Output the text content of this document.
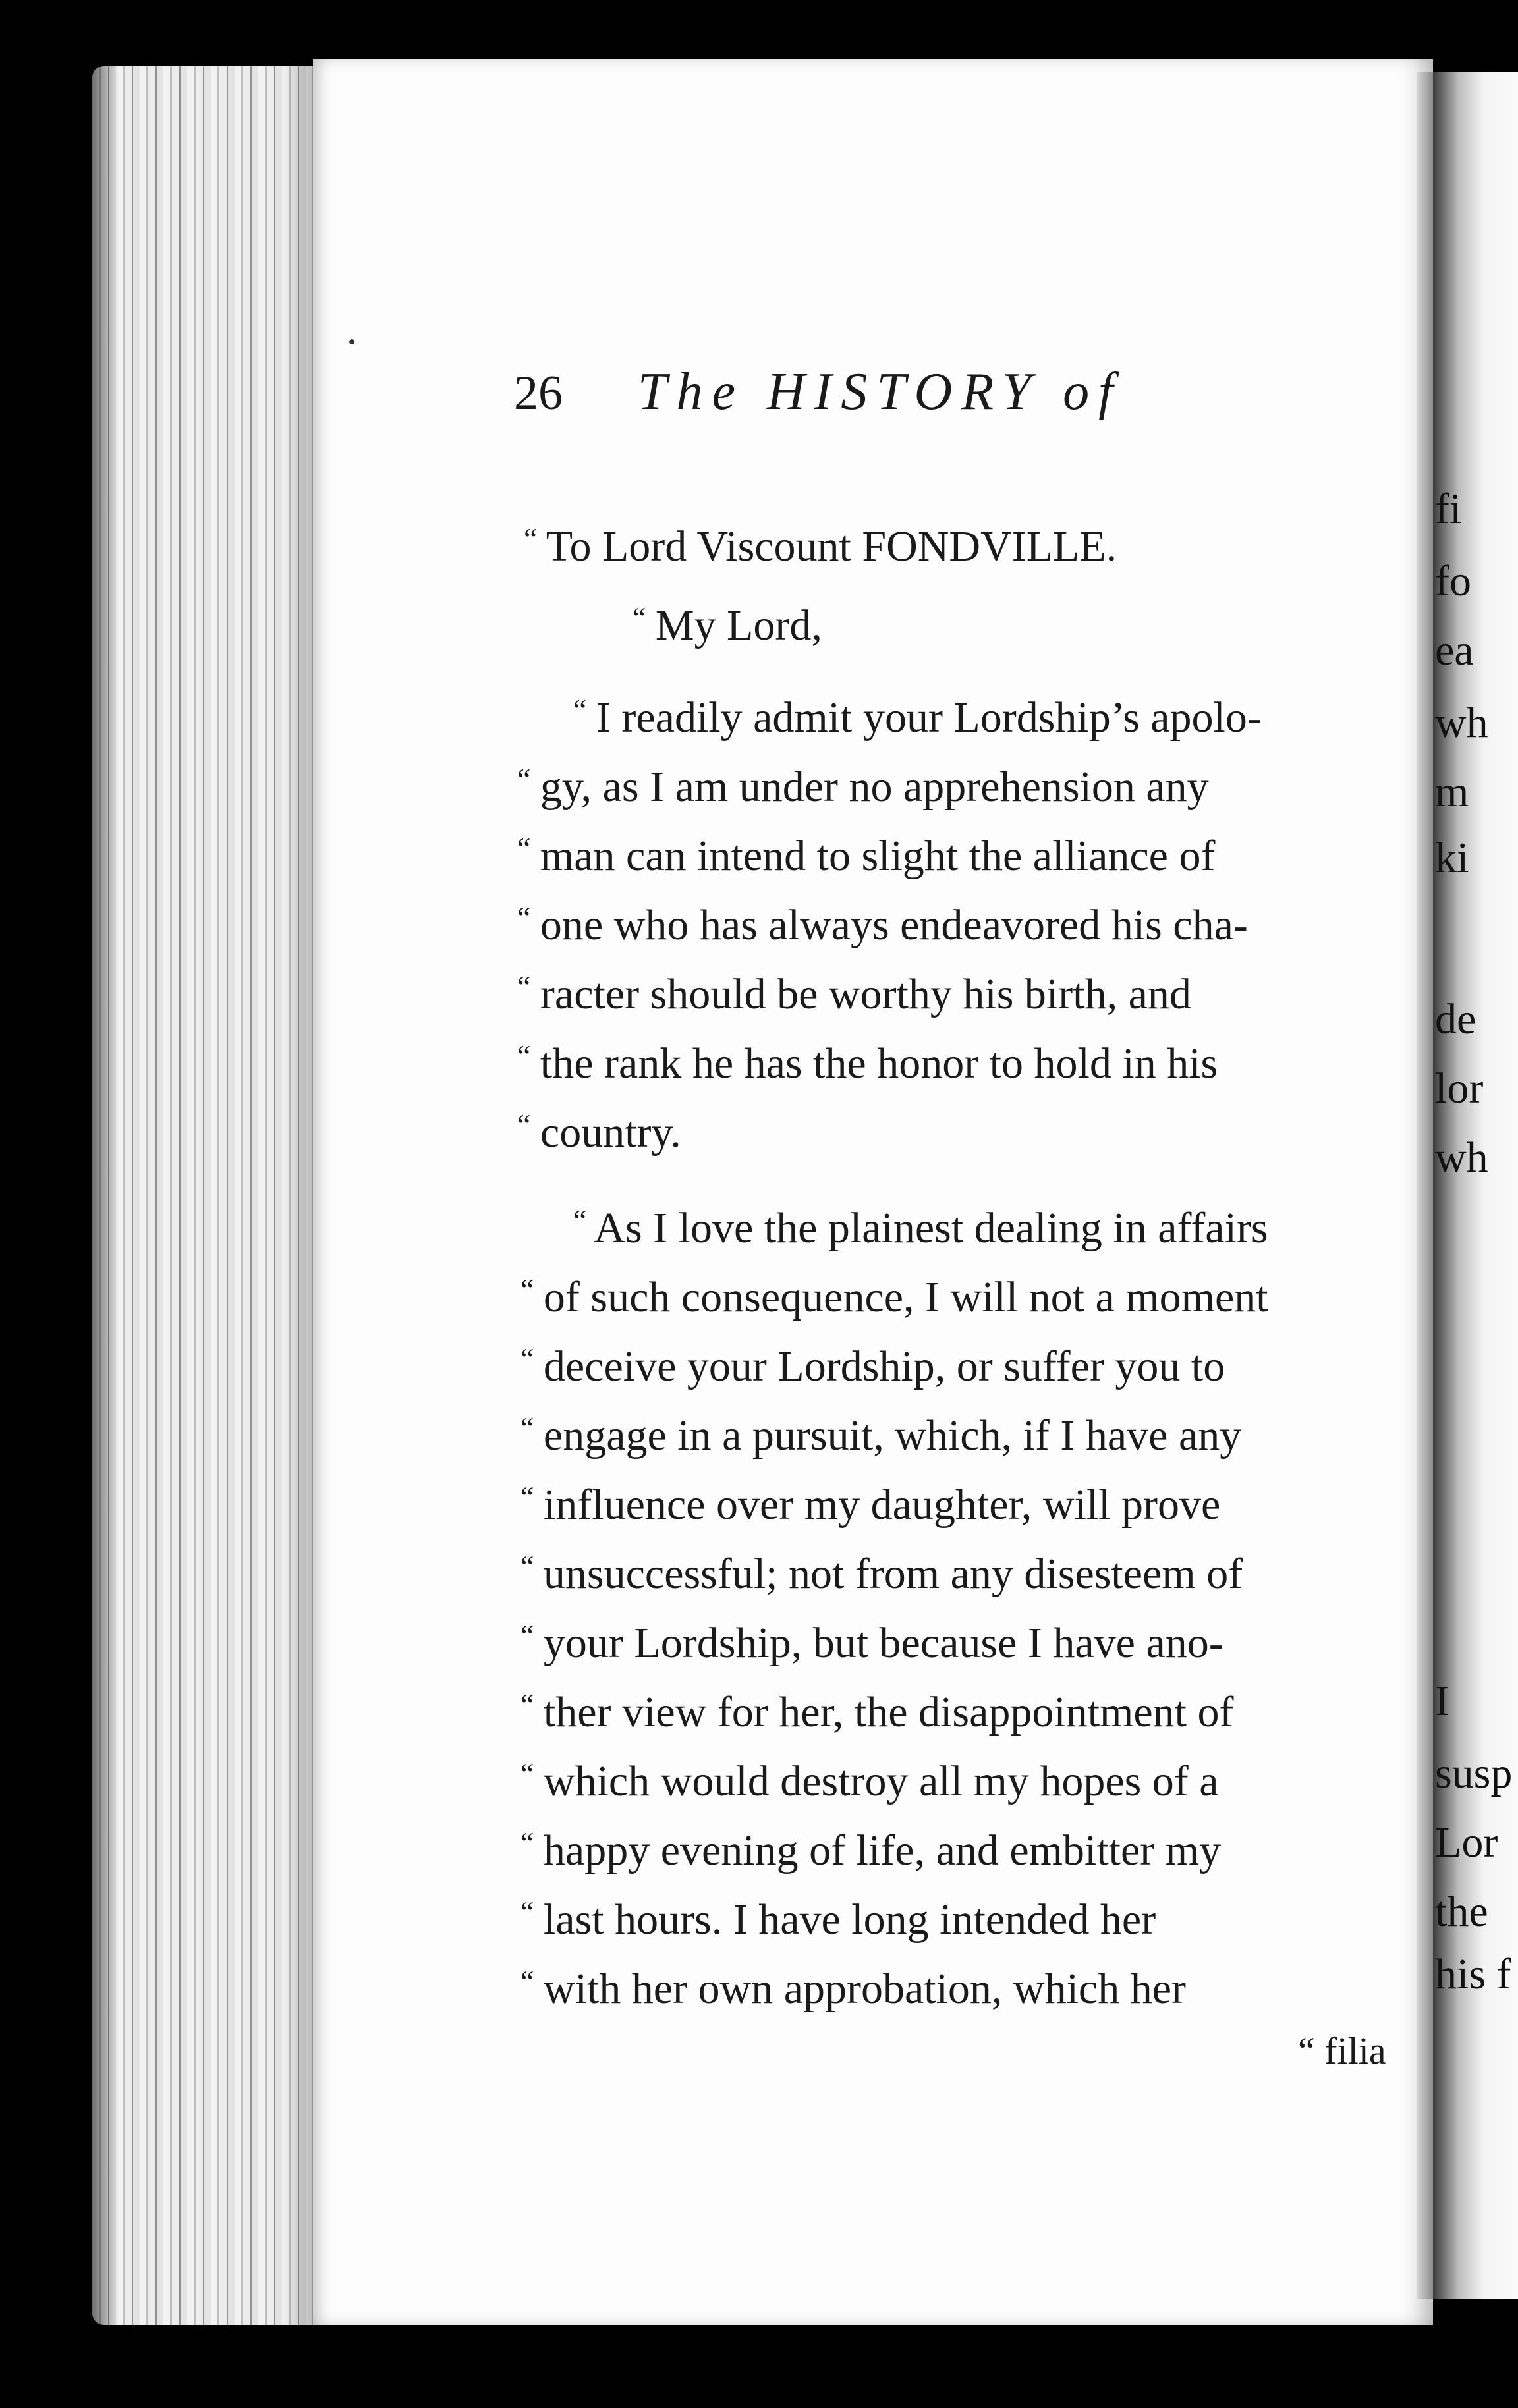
26 The HISTORY of
“ To Lord Viscount FONDVILLE.
“ My Lord,
“ I readily admit your Lordship’s apolo-
“ gy, as I am under no apprehension any
“ man can intend to slight the alliance of
“ one who has always endeavored his cha-
“ racter should be worthy his birth, and
“ the rank he has the honor to hold in his
“ country.
“ As I love the plainest dealing in affairs
“ of such consequence, I will not a moment
“ deceive your Lordship, or suffer you to
“ engage in a pursuit, which, if I have any
“ influence over my daughter, will prove
“ unsuccessful; not from any disesteem of
“ your Lordship, but because I have ano-
“ ther view for her, the disappointment of
“ which would destroy all my hopes of a
“ happy evening of life, and embitter my
“ last hours. I have long intended her
“ with her own approbation, which her
“ filia
fi
fo
ea
wh
m
ki
de
lor
wh
I
susp
Lor
the
his f
